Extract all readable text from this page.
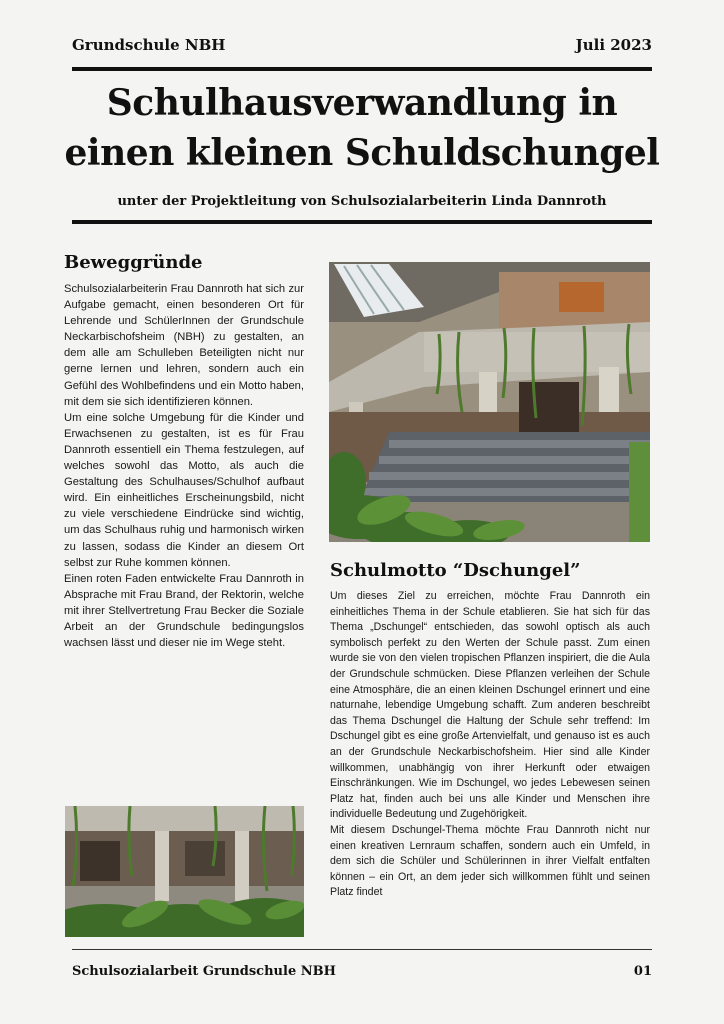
Grundschule NBH	Juli 2023
Schulhausverwandlung in einen kleinen Schuldschungel
unter der Projektleitung von Schulsozialarbeiterin Linda Dannroth
Beweggründe

Schulsozialarbeiterin Frau Dannroth hat sich zur Aufgabe gemacht, einen besonderen Ort für Lehrende und SchülerInnen der Grundschule Neckarbischofsheim (NBH) zu gestalten, an dem alle am Schulleben Beteiligten nicht nur gerne lernen und lehren, sondern auch ein Gefühl des Wohlbefindens und ein Motto haben, mit dem sie sich identifizieren können.

Um eine solche Umgebung für die Kinder und Erwachsenen zu gestalten, ist es für Frau Dannroth essentiell ein Thema festzulegen, auf welches sowohl das Motto, als auch die Gestaltung des Schulhauses/Schulhof aufbaut wird. Ein einheitliches Erscheinungsbild, nicht zu viele verschiedene Eindrücke sind wichtig, um das Schulhaus ruhig und harmonisch wirken zu lassen, sodass die Kinder an diesem Ort selbst zur Ruhe kommen können.

Einen roten Faden entwickelte Frau Dannroth in Absprache mit Frau Brand, der Rektorin, welche mit ihrer Stellvertretung Frau Becker die Soziale Arbeit an der Grundschule bedingungslos wachsen lässt und dieser nie im Wege steht.

Schulmotto “Dschungel”

Um dieses Ziel zu erreichen, möchte Frau Dannroth ein einheitliches Thema in der Schule etablieren. Sie hat sich für das Thema „Dschungel“ entschieden, das sowohl optisch als auch symbolisch perfekt zu den Werten der Schule passt. Zum einen wurde sie von den vielen tropischen Pflanzen inspiriert, die die Aula der Grundschule schmücken. Diese Pflanzen verleihen der Schule eine Atmosphäre, die an einen kleinen Dschungel erinnert und eine naturnahe, lebendige Umgebung schafft. Zum anderen beschreibt das Thema Dschungel die Haltung der Schule sehr treffend: Im Dschungel gibt es eine große Artenvielfalt, und genauso ist es auch an der Grundschule Neckarbischofsheim. Hier sind alle Kinder willkommen, unabhängig von ihrer Herkunft oder etwaigen Einschränkungen. Wie im Dschungel, wo jedes Lebewesen seinen Platz hat, finden auch bei uns alle Kinder und Menschen ihre individuelle Bedeutung und Zugehörigkeit.

Mit diesem Dschungel-Thema möchte Frau Dannroth nicht nur einen kreativen Lernraum schaffen, sondern auch ein Umfeld, in dem sich die Schüler und Schülerinnen in ihrer Vielfalt entfalten können – ein Ort, an dem jeder sich willkommen fühlt und seinen Platz findet

Schulsozialarbeit Grundschule NBH	01
